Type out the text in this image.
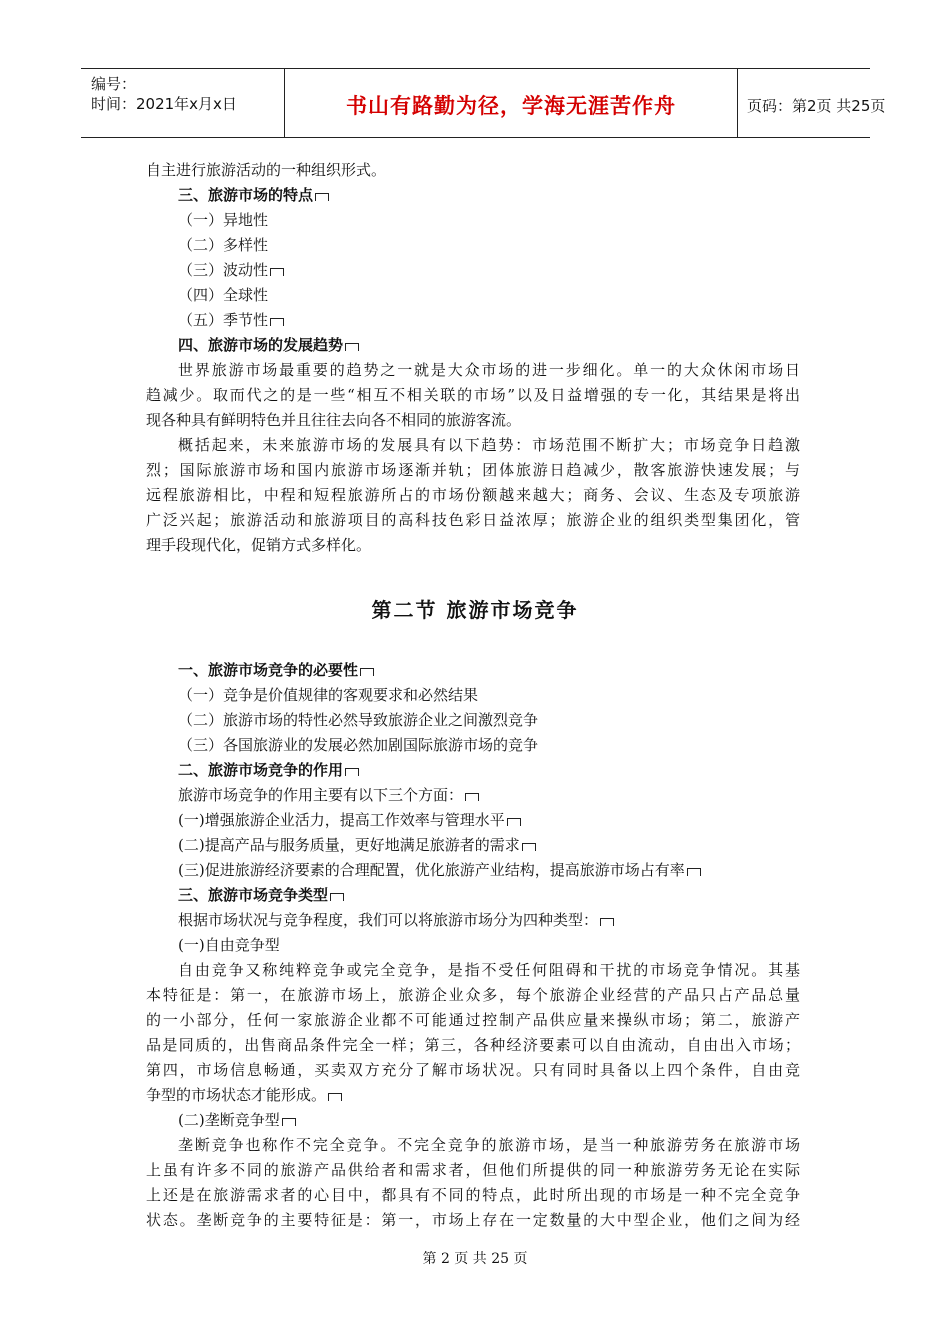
编号：
时间：2021年x月x日	书山有路勤为径，学海无涯苦作舟	页码：第2页 共25页
自主进行旅游活动的一种组织形式。
三、旅游市场的特点
（一）异地性
（二）多样性
（三）波动性
（四）全球性
（五）季节性
四、旅游市场的发展趋势
世界旅游市场最重要的趋势之一就是大众市场的进一步细化。单一的大众休闲市场日
趋减少。取而代之的是一些“相互不相关联的市场”以及日益增强的专一化，其结果是将出
现各种具有鲜明特色并且往往去向各不相同的旅游客流。
概括起来，未来旅游市场的发展具有以下趋势：市场范围不断扩大；市场竞争日趋激
烈；国际旅游市场和国内旅游市场逐渐并轨；团体旅游日趋减少，散客旅游快速发展；与
远程旅游相比，中程和短程旅游所占的市场份额越来越大；商务、会议、生态及专项旅游
广泛兴起；旅游活动和旅游项目的高科技色彩日益浓厚；旅游企业的组织类型集团化，管
理手段现代化，促销方式多样化。
第二节 旅游市场竞争
一、旅游市场竞争的必要性
（一）竞争是价值规律的客观要求和必然结果
（二）旅游市场的特性必然导致旅游企业之间激烈竞争
（三）各国旅游业的发展必然加剧国际旅游市场的竞争
二、旅游市场竞争的作用
旅游市场竞争的作用主要有以下三个方面：
(一)增强旅游企业活力，提高工作效率与管理水平
(二)提高产品与服务质量，更好地满足旅游者的需求
(三)促进旅游经济要素的合理配置，优化旅游产业结构，提高旅游市场占有率
三、旅游市场竞争类型
根据市场状况与竞争程度，我们可以将旅游市场分为四种类型：
(一)自由竞争型
自由竞争又称纯粹竞争或完全竞争，是指不受任何阻碍和干扰的市场竞争情况。其基
本特征是：第一，在旅游市场上，旅游企业众多，每个旅游企业经营的产品只占产品总量
的一小部分，任何一家旅游企业都不可能通过控制产品供应量来操纵市场；第二，旅游产
品是同质的，出售商品条件完全一样；第三，各种经济要素可以自由流动，自由出入市场；
第四，市场信息畅通，买卖双方充分了解市场状况。只有同时具备以上四个条件，自由竞
争型的市场状态才能形成。
(二)垄断竞争型
垄断竞争也称作不完全竞争。不完全竞争的旅游市场，是当一种旅游劳务在旅游市场
上虽有许多不同的旅游产品供给者和需求者，但他们所提供的同一种旅游劳务无论在实际
上还是在旅游需求者的心目中，都具有不同的特点，此时所出现的市场是一种不完全竞争
状态。垄断竞争的主要特征是：第一，市场上存在一定数量的大中型企业，他们之间为经
第 2 页 共 25 页
